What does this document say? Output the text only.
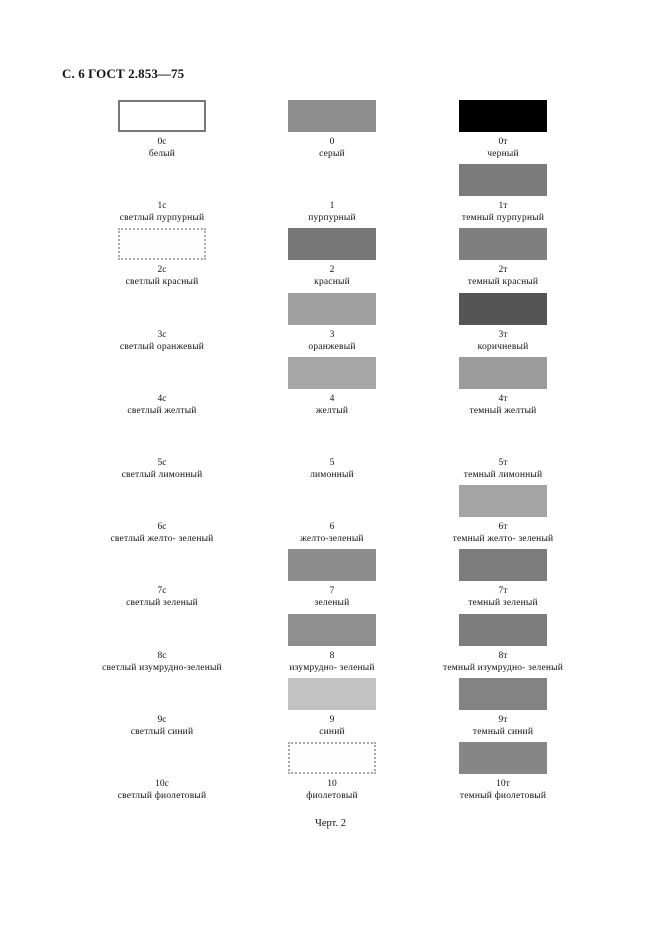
С. 6 ГОСТ 2.853—75
0с
белый
0
серый
0т
черный
1с
светлый пурпурный
1
пурпурный
1т
темный пурпурный
2с
светлый красный
2
красный
2т
темный красный
3с
светлый оранжевый
3
оранжевый
3т
коричневый
4с
светлый желтый
4
желтый
4т
темный желтый
5с
светлый лимонный
5
лимонный
5т
темный лимонный
6с
светлый желто- зеленый
6
желто-зеленый
6т
темный желто- зеленый
7с
светлый зеленый
7
зеленый
7т
темный зеленый
8с
светлый изумрудно-зеленый
8
изумрудно- зеленый
8т
темный изумрудно- зеленый
9с
светлый синий
9
синий
9т
темный синий
10с
светлый фиолетовый
10
фиолетовый
10т
темный фиолетовый
Черт. 2
